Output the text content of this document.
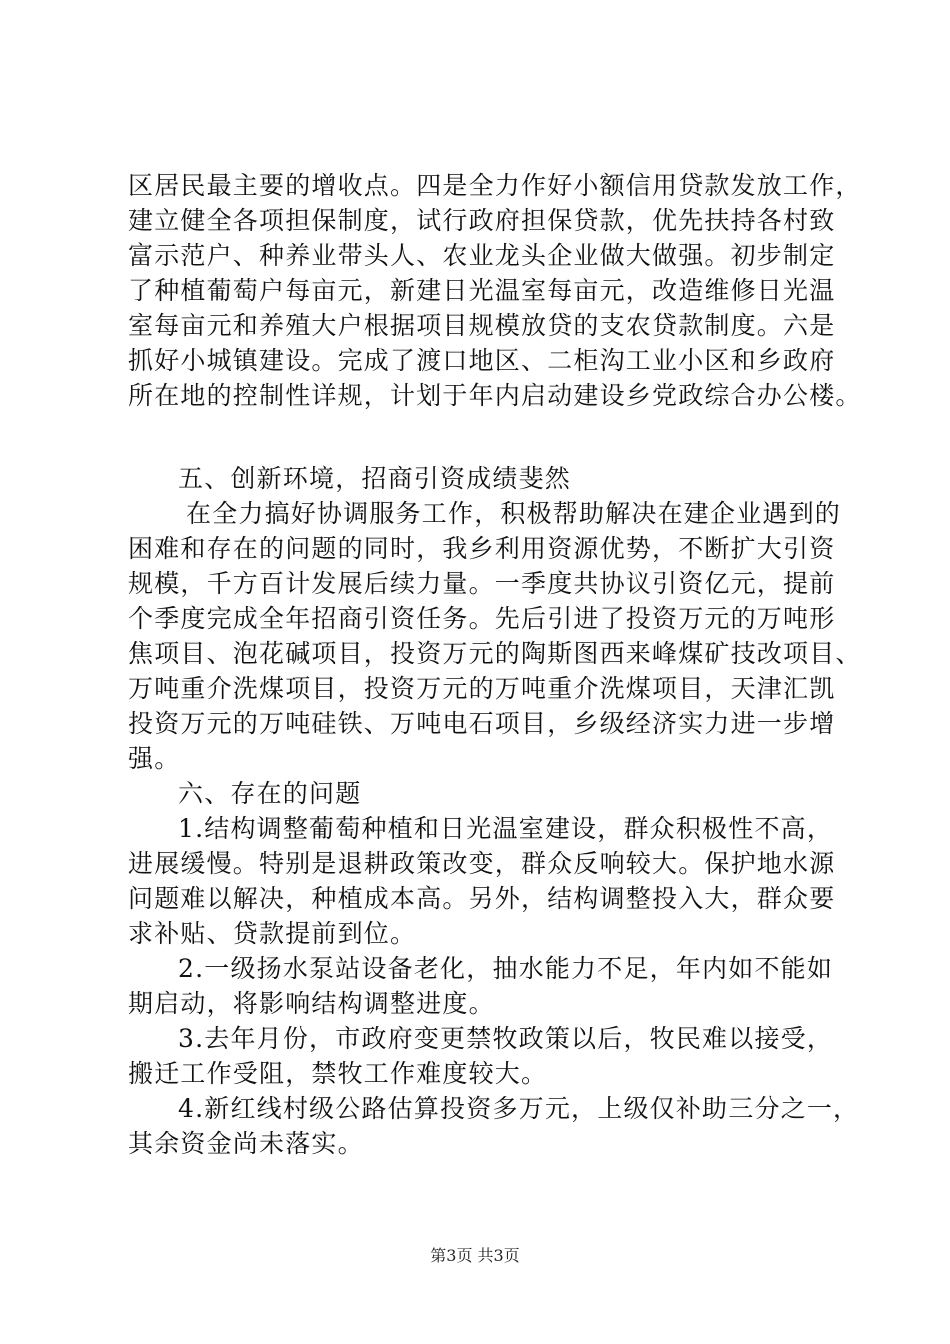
区居民最主要的增收点。四是全力作好小额信用贷款发放工作，
建立健全各项担保制度，试行政府担保贷款，优先扶持各村致
富示范户、种养业带头人、农业龙头企业做大做强。初步制定
了种植葡萄户每亩元，新建日光温室每亩元，改造维修日光温
室每亩元和养殖大户根据项目规模放贷的支农贷款制度。六是
抓好小城镇建设。完成了渡口地区、二柜沟工业小区和乡政府
所在地的控制性详规，计划于年内启动建设乡党政综合办公楼。
五、创新环境，招商引资成绩斐然
在全力搞好协调服务工作，积极帮助解决在建企业遇到的
困难和存在的问题的同时，我乡利用资源优势，不断扩大引资
规模，千方百计发展后续力量。一季度共协议引资亿元，提前
个季度完成全年招商引资任务。先后引进了投资万元的万吨形
焦项目、泡花碱项目，投资万元的陶斯图西来峰煤矿技改项目、
万吨重介洗煤项目，投资万元的万吨重介洗煤项目，天津汇凯
投资万元的万吨硅铁、万吨电石项目，乡级经济实力进一步增
强。
六、存在的问题
1.结构调整葡萄种植和日光温室建设，群众积极性不高，
进展缓慢。特别是退耕政策改变，群众反响较大。保护地水源
问题难以解决，种植成本高。另外，结构调整投入大，群众要
求补贴、贷款提前到位。
2.一级扬水泵站设备老化，抽水能力不足，年内如不能如
期启动，将影响结构调整进度。
3.去年月份，市政府变更禁牧政策以后，牧民难以接受，
搬迁工作受阻，禁牧工作难度较大。
4.新红线村级公路估算投资多万元，上级仅补助三分之一，
其余资金尚未落实。
第3页 共3页
